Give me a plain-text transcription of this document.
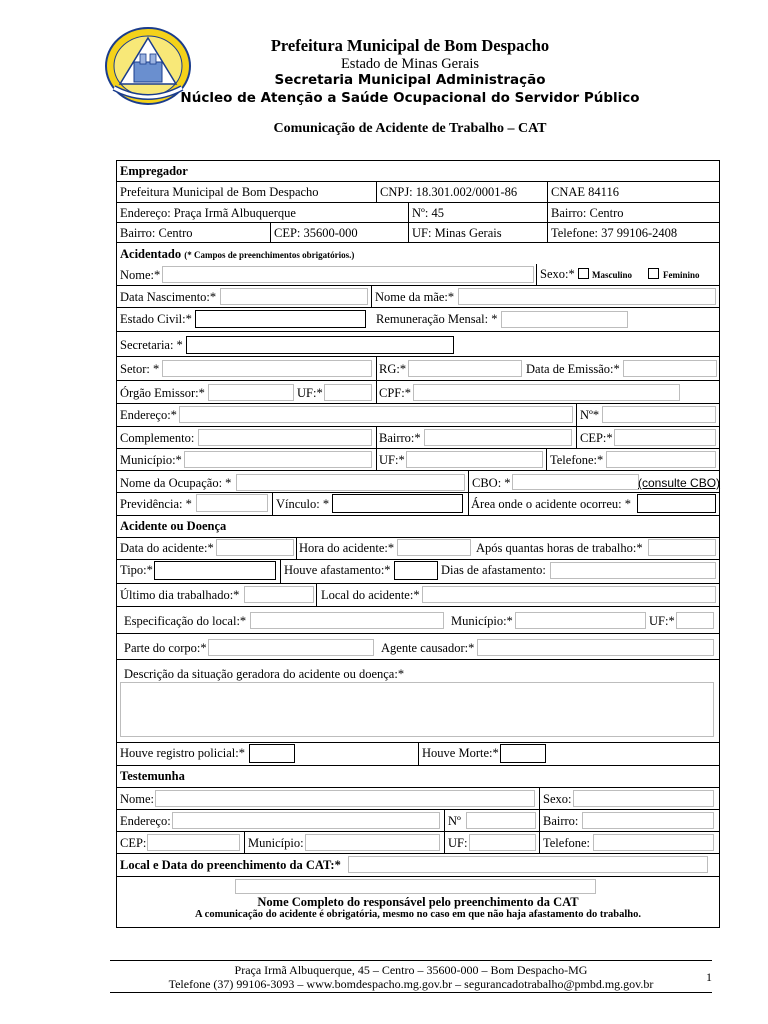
Prefeitura Municipal de Bom Despacho
Estado de Minas Gerais
Secretaria Municipal Administração
Núcleo de Atenção a Saúde Ocupacional do Servidor Público
Comunicação de Acidente de Trabalho – CAT
Empregador
Prefeitura Municipal de Bom Despacho	CNPJ: 18.301.002/0001-86	CNAE 84116
Endereço: Praça Irmã Albuquerque	Nº: 45	Bairro: Centro
Bairro: Centro	CEP: 35600-000	UF: Minas Gerais	Telefone: 37 99106-2408
Acidentado (* Campos de preenchimentos obrigatórios.)
Nome:*	Sexo:* Masculino	Feminino
Data Nascimento:*	Nome da mãe:*
Estado Civil:*	Remuneração Mensal: *
Secretaria: *
Setor: *	RG:*	Data de Emissão:*
Órgão Emissor:*	UF:*	CPF:*
Endereço:*	Nº*
Complemento:	Bairro:*	CEP:*
Município:*	UF:*	Telefone:*
Nome da Ocupação: *	CBO: *	(consulte CBO)
Previdência: *	Vínculo: *	Área onde o acidente ocorreu: *
Acidente ou Doença
Data do acidente:*	Hora do acidente:*	Após quantas horas de trabalho:*
Tipo:*	Houve afastamento:*	Dias de afastamento:
Último dia trabalhado:*	Local do acidente:*
Especificação do local:*	Município:*	UF:*
Parte do corpo:*	Agente causador:*
Descrição da situação geradora do acidente ou doença:*
Houve registro policial:*	Houve Morte:*
Testemunha
Nome:	Sexo:
Endereço:	Nº	Bairro:
CEP:	Município:	UF:	Telefone:
Local e Data do preenchimento da CAT:*
Nome Completo do responsável pelo preenchimento da CAT
A comunicação do acidente é obrigatória, mesmo no caso em que não haja afastamento do trabalho.
Praça Irmã Albuquerque, 45 – Centro – 35600-000 – Bom Despacho-MG
Telefone (37) 99106-3093 – www.bomdespacho.mg.gov.br – segurancadotrabalho@pmbd.mg.gov.br	1
